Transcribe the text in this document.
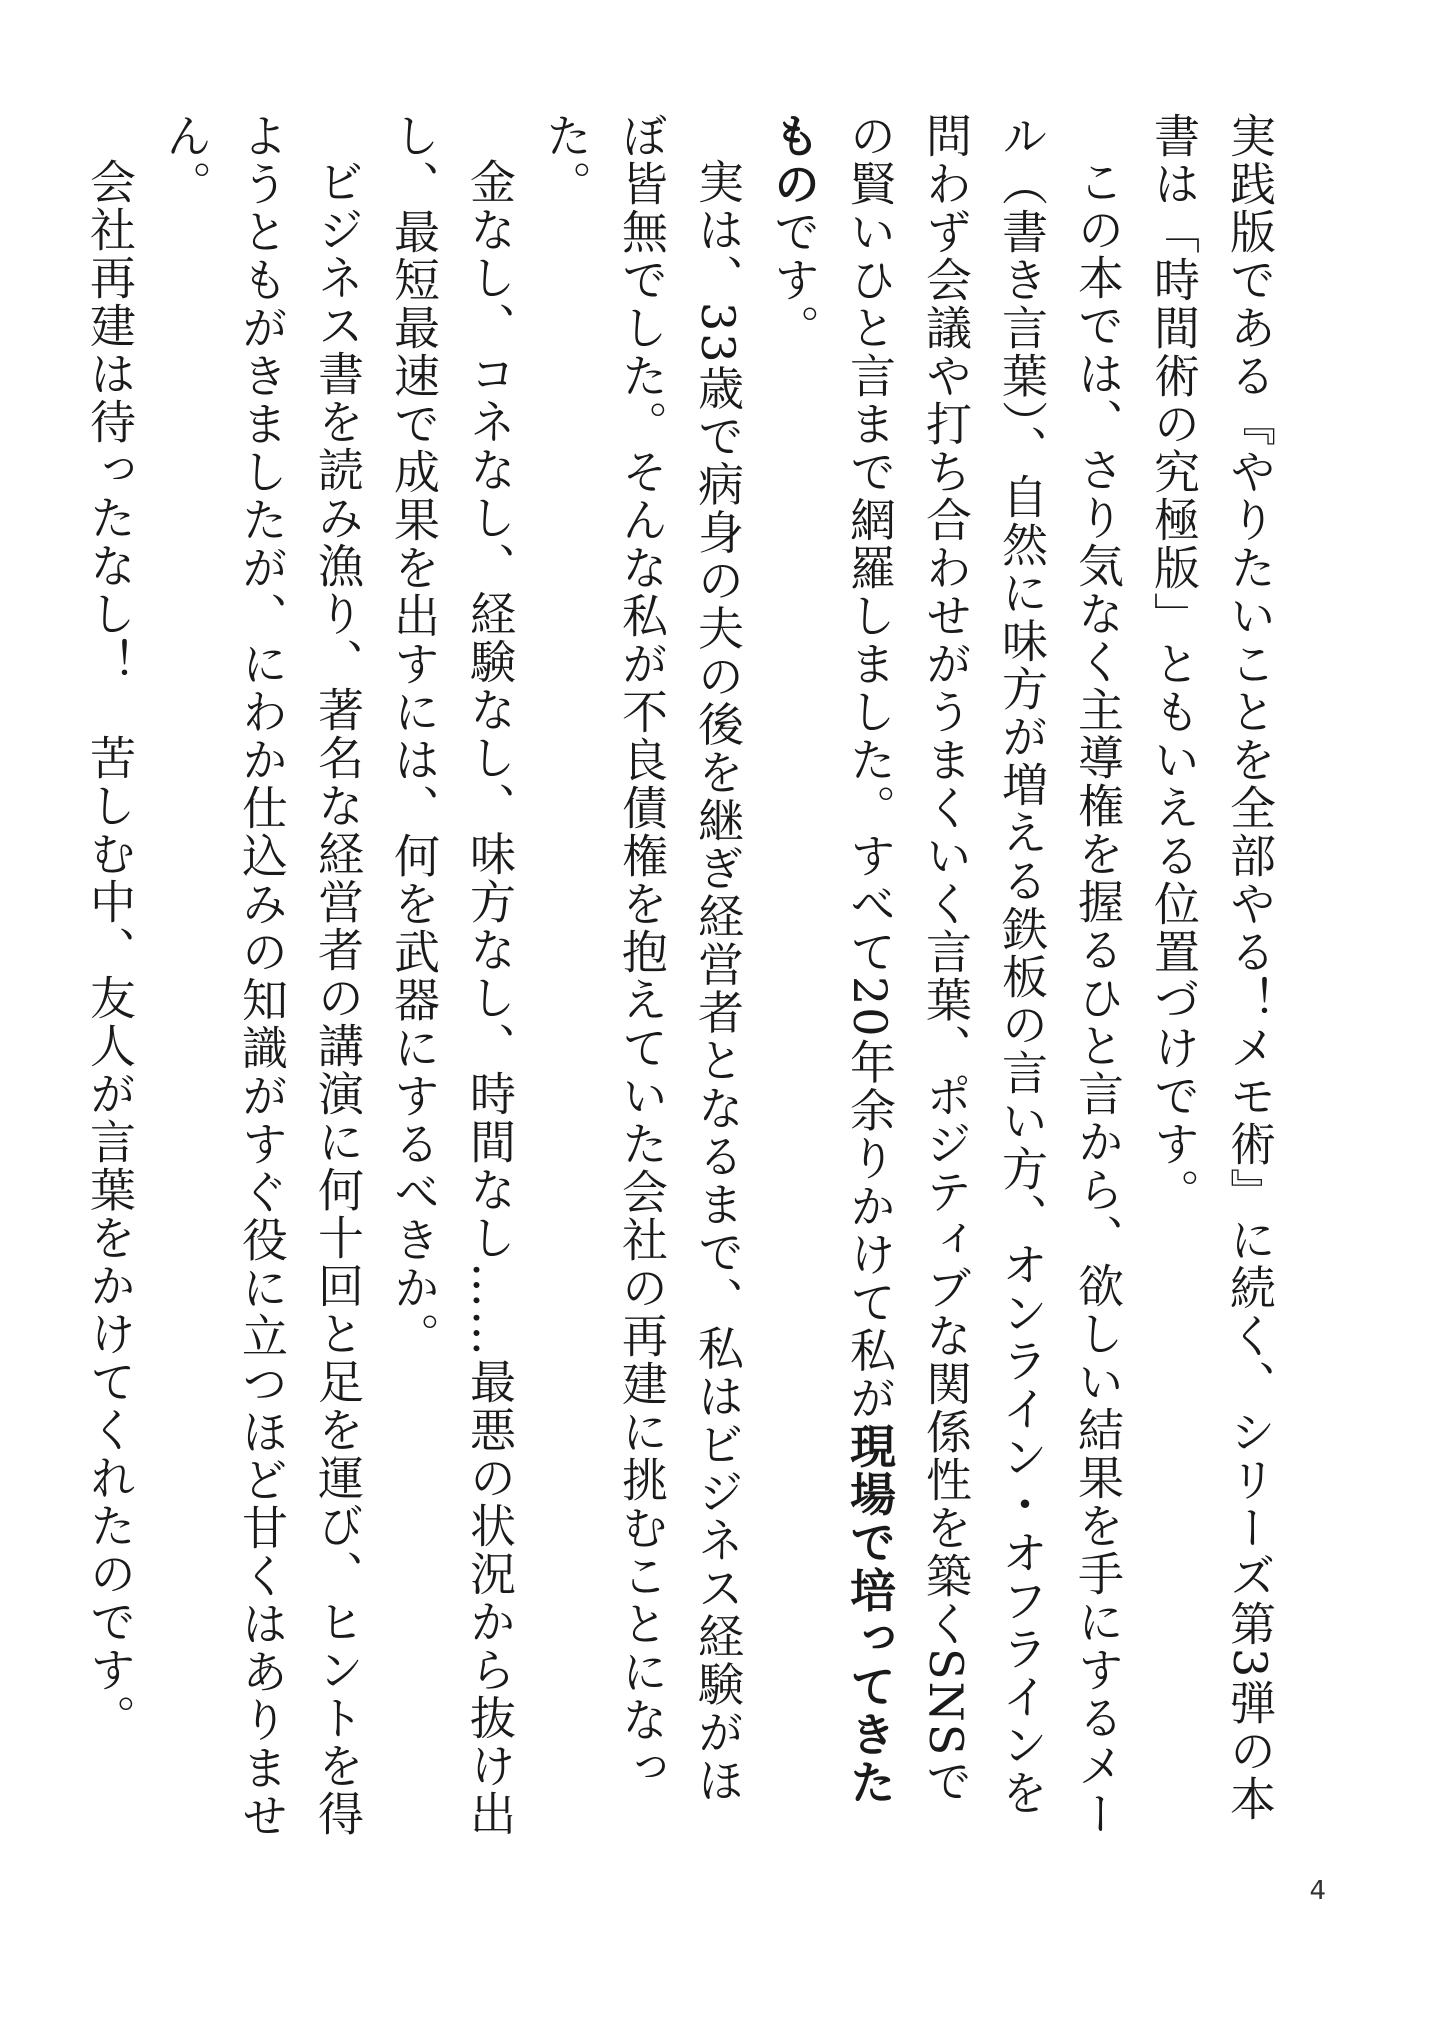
実践版である『やりたいことを全部やる！メモ術』に続く、シリーズ第3弾の本書は「時間術の究極版」ともいえる位置づけです。

この本では、さり気なく主導権を握るひと言から、欲しい結果を手にするメール（書き言葉）、自然に味方が増える鉄板の言い方、オンライン・オフラインを問わず会議や打ち合わせがうまくいく言葉、ポジティブな関係性を築くSNSでの賢いひと言まで網羅しました。すべて20年余りかけて私が現場で培ってきたものです。

実は、33歳で病身の夫の後を継ぎ経営者となるまで、私はビジネス経験がほぼ皆無でした。そんな私が不良債権を抱えていた会社の再建に挑むことになった。

金なし、コネなし、経験なし、味方なし、時間なし……最悪の状況から抜け出し、最短最速で成果を出すには、何を武器にするべきか。

ビジネス書を読み漁り、著名な経営者の講演に何十回と足を運び、ヒントを得ようともがきましたが、にわか仕込みの知識がすぐ役に立つほど甘くはありません。

会社再建は待ったなし！　苦しむ中、友人が言葉をかけてくれたのです。

4
